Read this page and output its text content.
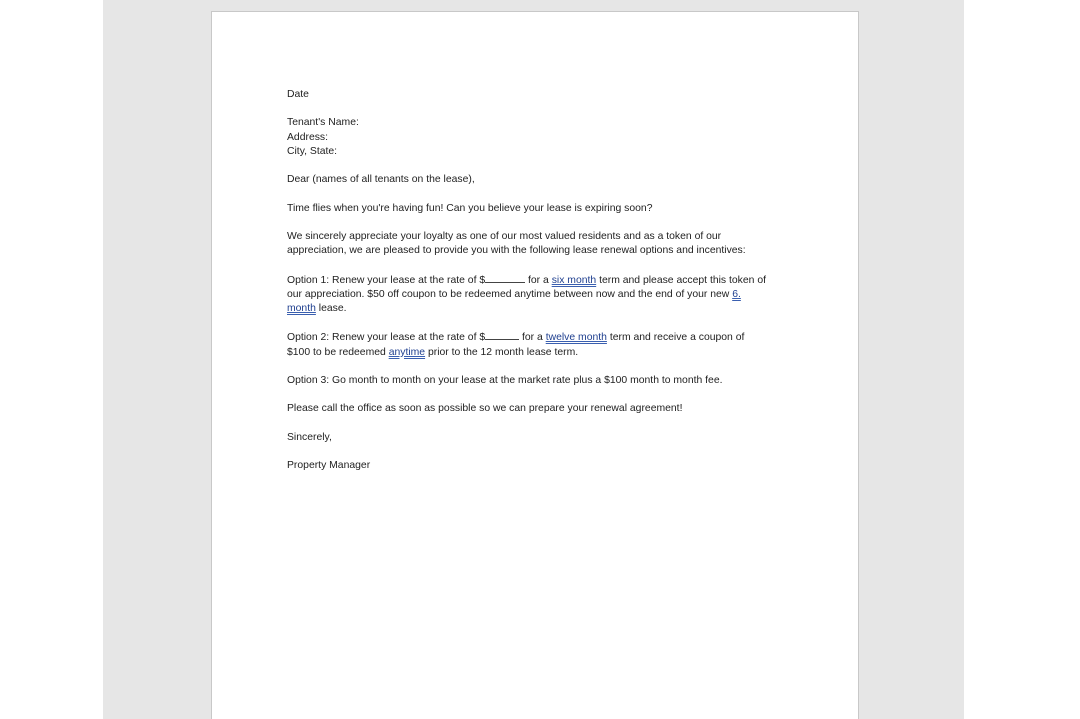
Date
Tenant's Name:
Address:
City, State:
Dear (names of all tenants on the lease),
Time flies when you're having fun! Can you believe your lease is expiring soon?
We sincerely appreciate your loyalty as one of our most valued residents and as a token of our
appreciation, we are pleased to provide you with the following lease renewal options and incentives:
Option 1: Renew your lease at the rate of $	for a six month term and please accept this token of
our appreciation. $50 off coupon to be redeemed anytime between now and the end of your new 6.
month lease.
Option 2: Renew your lease at the rate of $	for a twelve month term and receive a coupon of
$100 to be redeemed anytime prior to the 12 month lease term.
Option 3: Go month to month on your lease at the market rate plus a $100 month to month fee.
Please call the office as soon as possible so we can prepare your renewal agreement!
Sincerely,
Property Manager
